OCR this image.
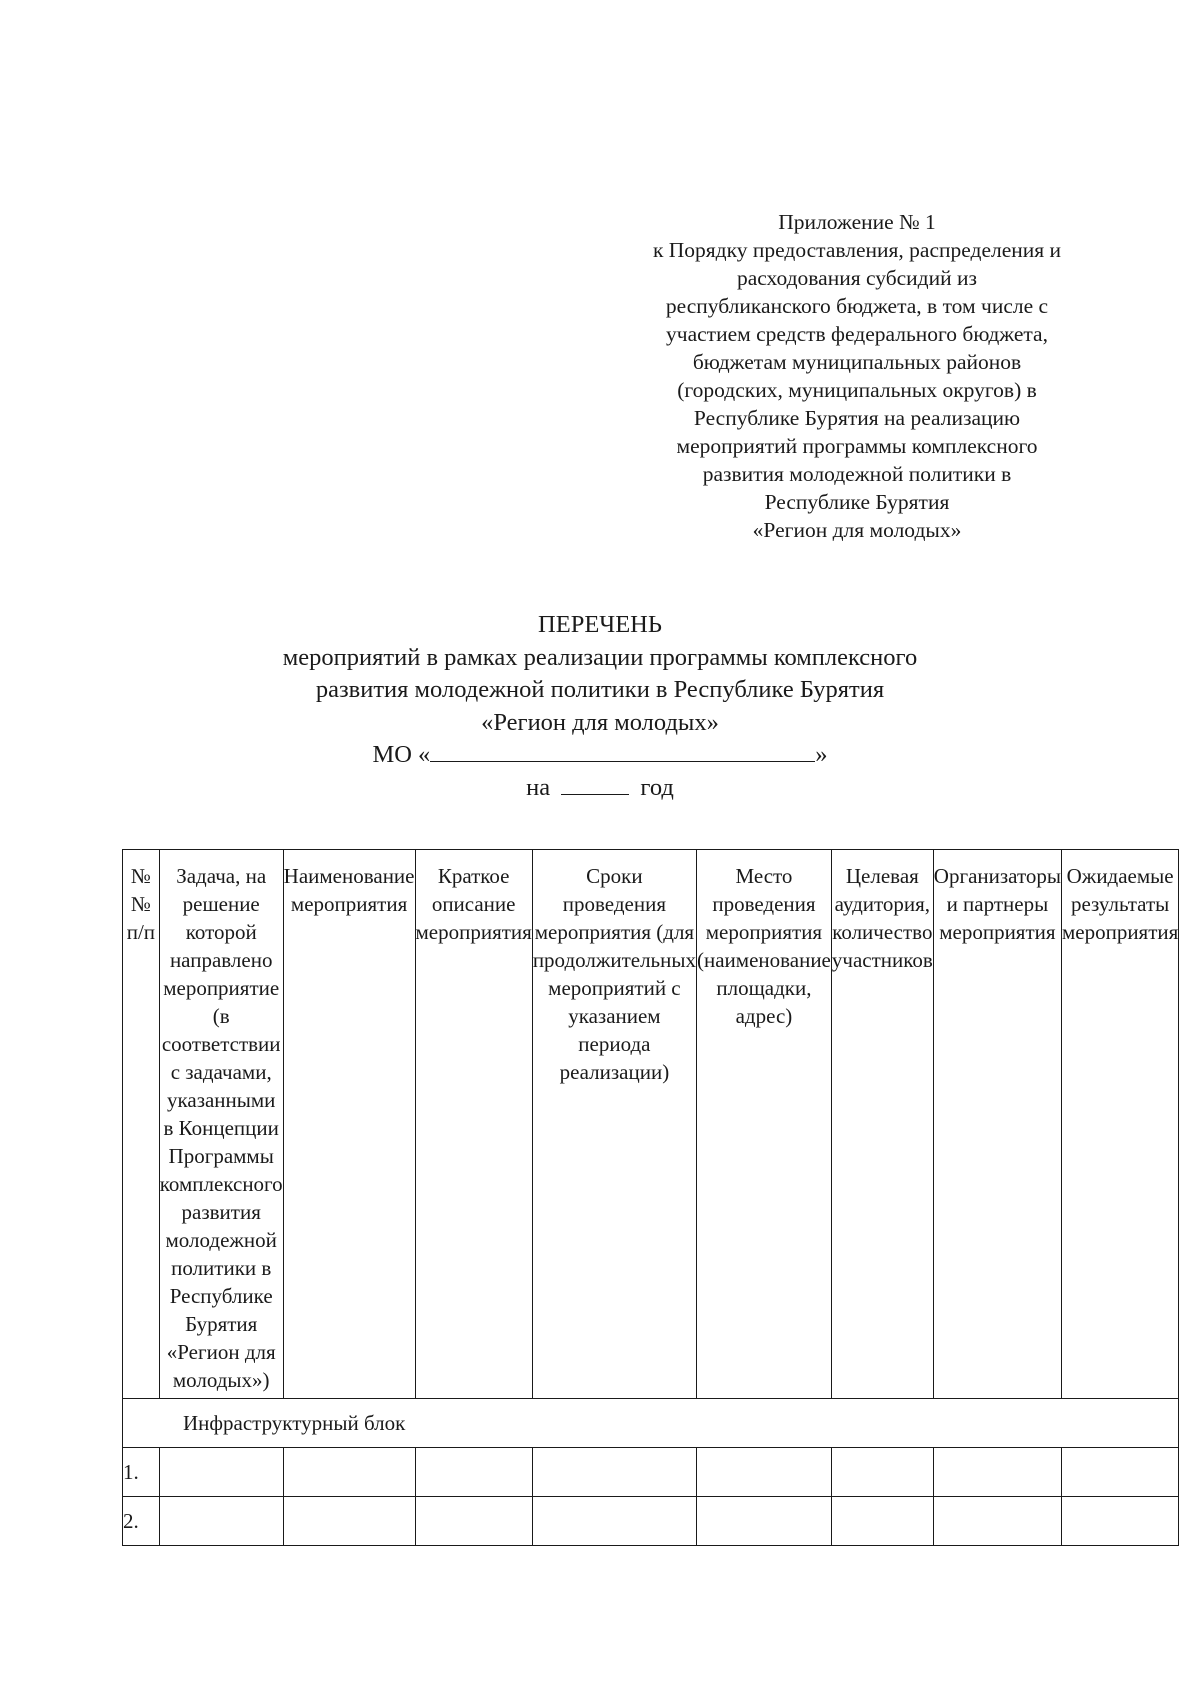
Приложение № 1
к Порядку предоставления, распределения и
расходования субсидий из
республиканского бюджета, в том числе с
участием средств федерального бюджета,
бюджетам муниципальных районов
(городских, муниципальных округов) в
Республике Бурятия на реализацию
мероприятий программы комплексного
развития молодежной политики в
Республике Бурятия
«Регион для молодых»
ПЕРЕЧЕНЬ
мероприятий в рамках реализации программы комплексного
развития молодежной политики в Республике Бурятия
«Регион для молодых»
МО «	»
на	год
№№ п/п	Задача, на решение которой направлено мероприятие (в соответствии с задачами, указанными в Концепции Программы комплексного развития молодежной политики в Республике Бурятия «Регион для молодых»)	Наименование мероприятия	Краткое описание мероприятия	Сроки проведения мероприятия (для продолжительных мероприятий с указанием периода реализации)	Место проведения мероприятия (наименование площадки, адрес)	Целевая аудитория, количество участников	Организаторы и партнеры мероприятия	Ожидаемые результаты мероприятия

Инфраструктурный блок								
1.								
2.								
